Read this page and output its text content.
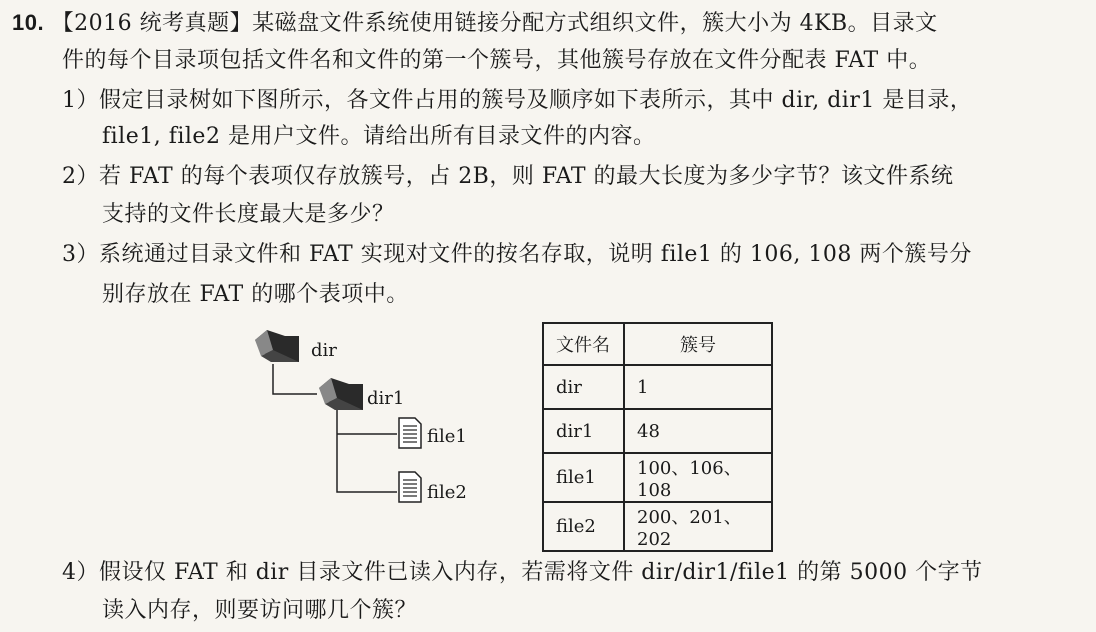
10. 【2016 统考真题】某磁盘文件系统使用链接分配方式组织文件，簇大小为 4KB。目录文
件的每个目录项包括文件名和文件的第一个簇号，其他簇号存放在文件分配表 FAT 中。
1）假定目录树如下图所示，各文件占用的簇号及顺序如下表所示，其中 dir, dir1 是目录，
file1, file2 是用户文件。请给出所有目录文件的内容。
2）若 FAT 的每个表项仅存放簇号，占 2B，则 FAT 的最大长度为多少字节？该文件系统
支持的文件长度最大是多少？
3）系统通过目录文件和 FAT 实现对文件的按名存取，说明 file1 的 106, 108 两个簇号分
别存放在 FAT 的哪个表项中。
dir
dir1
file1
file2
文件名	簇号
dir	1
dir1	48
file1	100、106、108
file2	200、201、202
4）假设仅 FAT 和 dir 目录文件已读入内存，若需将文件 dir/dir1/file1 的第 5000 个字节
读入内存，则要访问哪几个簇？
